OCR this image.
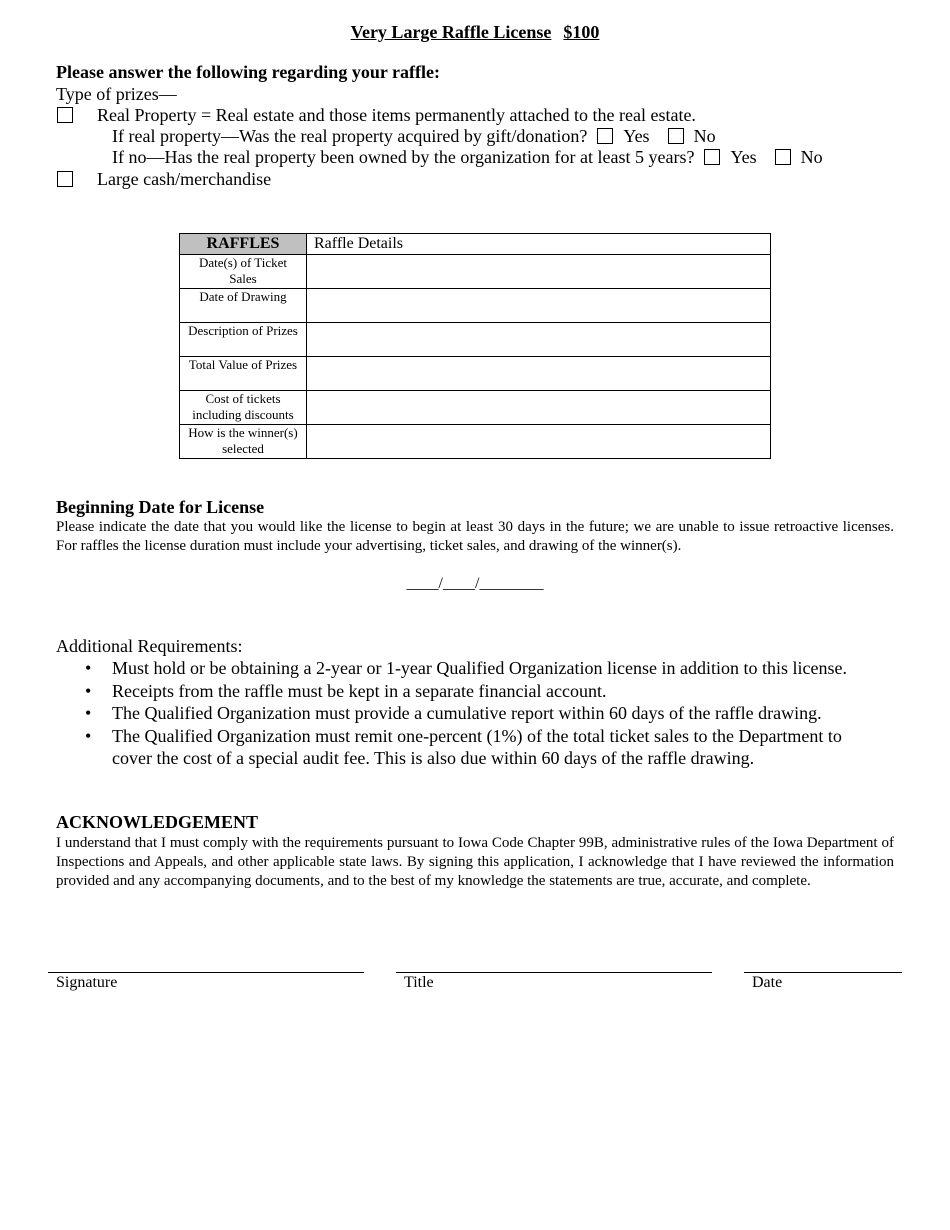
Very Large Raffle License $100
Please answer the following regarding your raffle:
Type of prizes—
Real Property = Real estate and those items permanently attached to the real estate.
If real property—Was the real property acquired by gift/donation? Yes No
If no—Has the real property been owned by the organization for at least 5 years? Yes No
Large cash/merchandise
RAFFLES	Raffle Details
Date(s) of Ticket Sales	
Date of Drawing	
Description of Prizes	
Total Value of Prizes	
Cost of tickets including discounts	
How is the winner(s) selected	
Beginning Date for License
Please indicate the date that you would like the license to begin at least 30 days in the future; we are unable to issue retroactive licenses. For raffles the license duration must include your advertising, ticket sales, and drawing of the winner(s).
____/____/________
Additional Requirements:
• Must hold or be obtaining a 2-year or 1-year Qualified Organization license in addition to this license.
• Receipts from the raffle must be kept in a separate financial account.
• The Qualified Organization must provide a cumulative report within 60 days of the raffle drawing.
• The Qualified Organization must remit one-percent (1%) of the total ticket sales to the Department to cover the cost of a special audit fee. This is also due within 60 days of the raffle drawing.
ACKNOWLEDGEMENT
I understand that I must comply with the requirements pursuant to Iowa Code Chapter 99B, administrative rules of the Iowa Department of Inspections and Appeals, and other applicable state laws. By signing this application, I acknowledge that I have reviewed the information provided and any accompanying documents, and to the best of my knowledge the statements are true, accurate, and complete.
Signature	Title	Date
